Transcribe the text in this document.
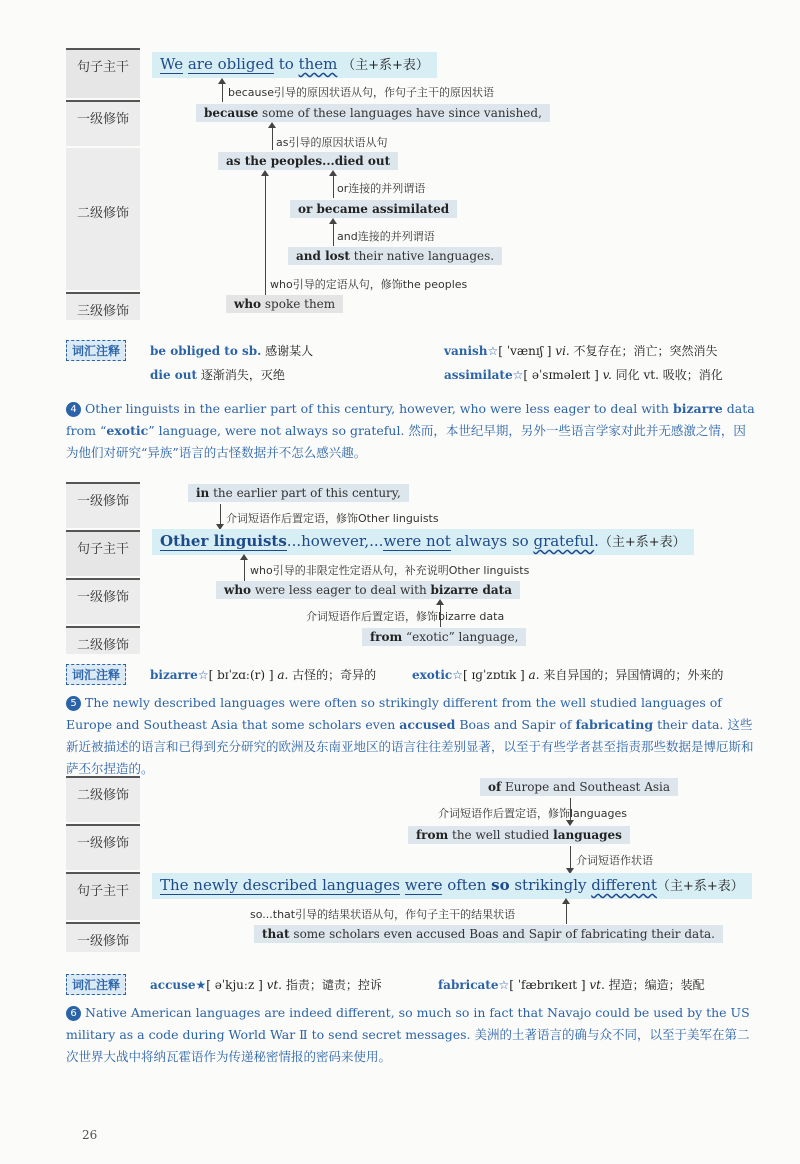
句子主干
一级修饰
二级修饰
三级修饰
We are obliged to them （主+系+表）
because引导的原因状语从句，作句子主干的原因状语
because some of these languages have since vanished,
as引导的原因状语从句
as the peoples...died out
or连接的并列谓语
or became assimilated
and连接的并列谓语
and lost their native languages.
who引导的定语从句，修饰the peoples
who spoke them
词汇注释	be obliged to sb. 感谢某人	vanish☆[ ˈvænɪʃ ] vi. 不复存在；消亡；突然消失
die out 逐渐消失，灭绝	assimilate☆[ əˈsɪməleɪt ] v. 同化 vt. 吸收；消化
4 Other linguists in the earlier part of this century, however, who were less eager to deal with bizarre data from “exotic” language, were not always so grateful. 然而，本世纪早期，另外一些语言学家对此并无感激之情，因为他们对研究“异族”语言的古怪数据并不怎么感兴趣。
一级修饰
句子主干
一级修饰
二级修饰
in the earlier part of this century,
介词短语作后置定语，修饰Other linguists
Other linguists...however,...were not always so grateful.（主+系+表）
who引导的非限定性定语从句，补充说明Other linguists
who were less eager to deal with bizarre data
介词短语作后置定语，修饰bizarre data
from “exotic” language,
词汇注释	bizarre☆[ bɪˈzɑː(r) ] a. 古怪的；奇异的	exotic☆[ ɪɡˈzɒtɪk ] a. 来自异国的；异国情调的；外来的
5 The newly described languages were often so strikingly different from the well studied languages of Europe and Southeast Asia that some scholars even accused Boas and Sapir of fabricating their data. 这些新近被描述的语言和已得到充分研究的欧洲及东南亚地区的语言往往差别显著，以至于有些学者甚至指责那些数据是博厄斯和萨丕尔捏造的。
二级修饰
一级修饰
句子主干
一级修饰
of Europe and Southeast Asia
介词短语作后置定语，修饰languages
from the well studied languages
介词短语作状语
The newly described languages were often so strikingly different（主+系+表）
so...that引导的结果状语从句，作句子主干的结果状语
that some scholars even accused Boas and Sapir of fabricating their data.
词汇注释	accuse★[ əˈkjuːz ] vt. 指责；谴责；控诉	fabricate☆[ ˈfæbrɪkeɪt ] vt. 捏造；编造；装配
6 Native American languages are indeed different, so much so in fact that Navajo could be used by the US military as a code during World War Ⅱ to send secret messages. 美洲的土著语言的确与众不同，以至于美军在第二次世界大战中将纳瓦霍语作为传递秘密情报的密码来使用。
26
